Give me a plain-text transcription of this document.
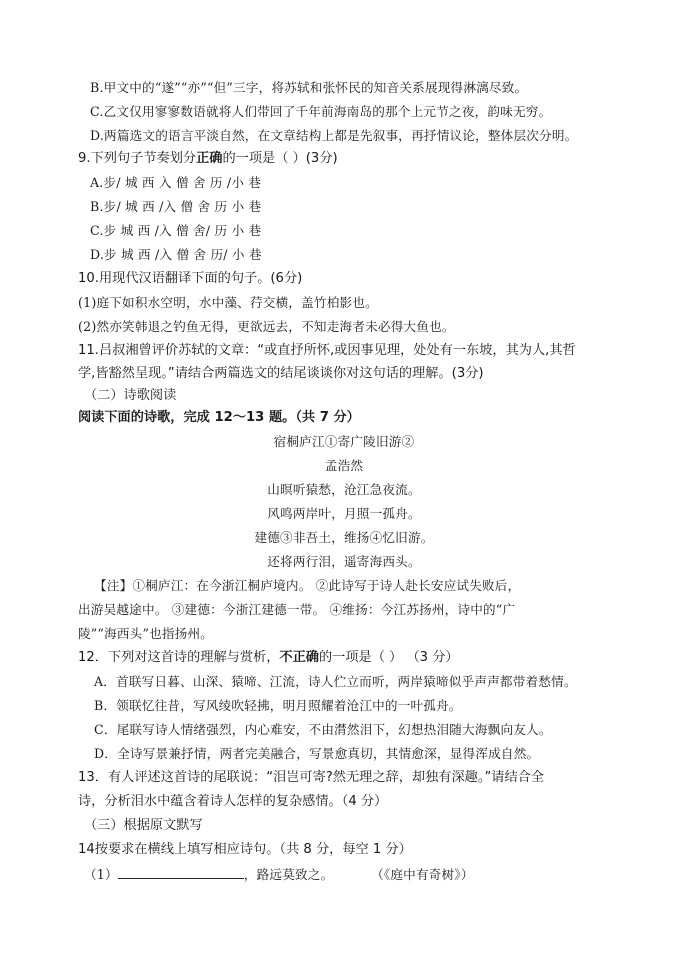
B.甲文中的“遂”“亦”“但”三字，将苏轼和张怀民的知音关系展现得淋漓尽致。
C.乙文仅用寥寥数语就将人们带回了千年前海南岛的那个上元节之夜，韵味无穷。
D.两篇选文的语言平淡自然，在文章结构上都是先叙事，再抒情议论，整体层次分明。
9.下列句子节奏划分正确的一项是（ ）(3分)
A.步/ 城 西 入 僧 舍 历 /小 巷
B.步/ 城 西 /入 僧 舍 历 小 巷
C.步 城 西 /入 僧 舍/ 历 小 巷
D.步 城 西 /入 僧 舍 历/ 小 巷
10.用现代汉语翻译下面的句子。(6分)
(1)庭下如积水空明，水中藻、荇交横，盖竹柏影也。
(2)然亦笑韩退之钓鱼无得，更欲远去，不知走海者未必得大鱼也。
11.吕叔湘曾评价苏轼的文章：“或直抒所怀,或因事见理，处处有一东坡，其为人,其哲
学,皆豁然呈现。”请结合两篇选文的结尾谈谈你对这句话的理解。(3分)
（二）诗歌阅读
阅读下面的诗歌，完成 12～13 题。（共 7 分）
宿桐庐江①寄广陵旧游②
孟浩然
山暝听猿愁，沧江急夜流。
风鸣两岸叶，月照一孤舟。
建德③非吾土，维扬④忆旧游。
还将两行泪，遥寄海西头。
【注】①桐庐江：在今浙江桐庐境内。 ②此诗写于诗人赴长安应试失败后，
出游吴越途中。 ③建德：今浙江建德一带。 ④维扬：今江苏扬州，诗中的“广
陵”“海西头”也指扬州。
12．下列对这首诗的理解与赏析，不正确的一项是（ ） （3 分）
A．首联写日暮、山深、猿啼、江流，诗人伫立而听，两岸猿啼似乎声声都带着愁情。
B．领联忆往昔，写风绫吹轻拂，明月照耀着沧江中的一叶孤舟。
C．尾联写诗人情绪强烈，内心难安，不由潸然泪下，幻想热泪随大海飘向友人。
D．全诗写景兼抒情，两者完美融合，写景愈真切，其情愈深，显得浑成自然。
13．有人评述这首诗的尾联说：“泪岂可寄?然无理之辞，却独有深趣。”请结合全
诗，分析泪水中蕴含着诗人怎样的复杂感情。（4 分）
（三）根据原文默写
14按要求在横线上填写相应诗句。（共 8 分，每空 1 分）
（1）	，路远莫致之。	（《庭中有奇树》）
